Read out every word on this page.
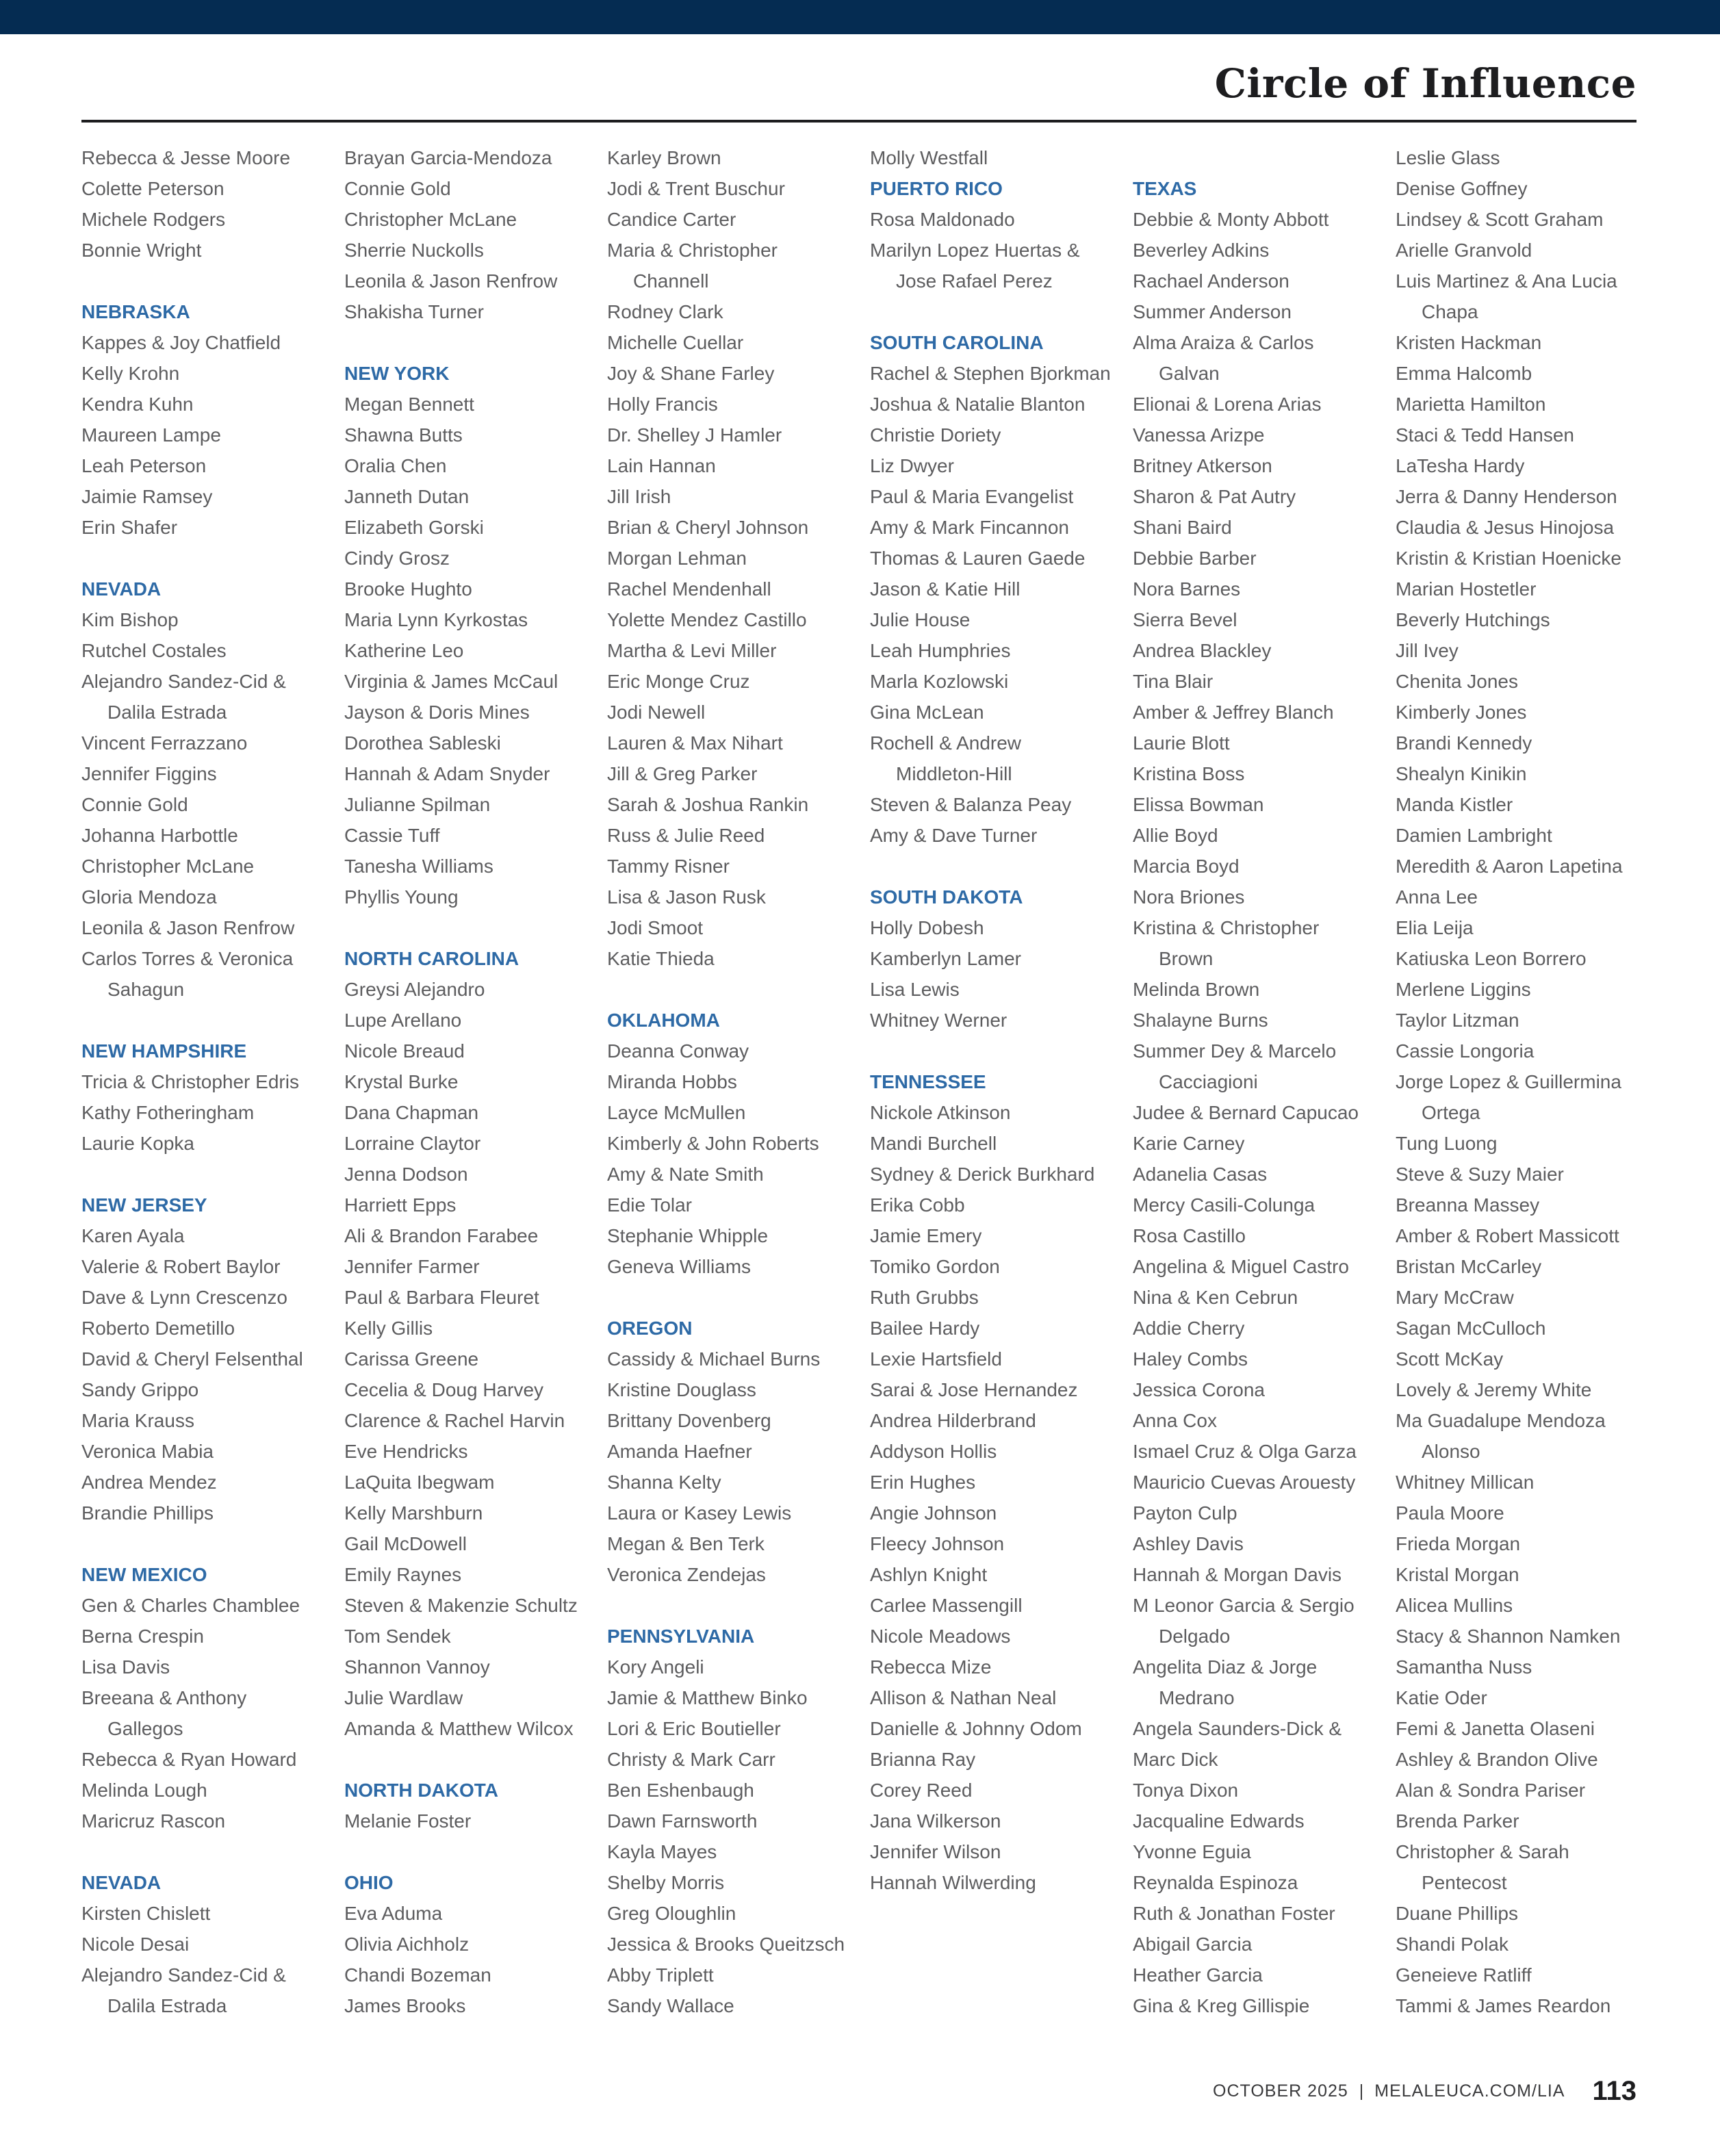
Circle of Influence

Rebecca & Jesse Moore

Colette Peterson

Michele Rodgers

Bonnie Wright

NEBRASKA

Kappes & Joy Chatfield

Kelly Krohn

Kendra Kuhn

Maureen Lampe

Leah Peterson

Jaimie Ramsey

Erin Shafer

NEVADA

Kim Bishop

Rutchel Costales

Alejandro Sandez-Cid &

Dalila Estrada

Vincent Ferrazzano

Jennifer Figgins

Connie Gold

Johanna Harbottle

Christopher McLane

Gloria Mendoza

Leonila & Jason Renfrow

Carlos Torres & Veronica

Sahagun

NEW HAMPSHIRE

Tricia & Christopher Edris

Kathy Fotheringham

Laurie Kopka

NEW JERSEY

Karen Ayala

Valerie & Robert Baylor

Dave & Lynn Crescenzo

Roberto Demetillo

David & Cheryl Felsenthal

Sandy Grippo

Maria Krauss

Veronica Mabia

Andrea Mendez

Brandie Phillips

NEW MEXICO

Gen & Charles Chamblee

Berna Crespin

Lisa Davis

Breeana & Anthony

Gallegos

Rebecca & Ryan Howard

Melinda Lough

Maricruz Rascon

NEVADA

Kirsten Chislett

Nicole Desai

Alejandro Sandez-Cid &

Dalila Estrada

Brayan Garcia-Mendoza

Connie Gold

Christopher McLane

Sherrie Nuckolls

Leonila & Jason Renfrow

Shakisha Turner

NEW YORK

Megan Bennett

Shawna Butts

Oralia Chen

Janneth Dutan

Elizabeth Gorski

Cindy Grosz

Brooke Hughto

Maria Lynn Kyrkostas

Katherine Leo

Virginia & James McCaul

Jayson & Doris Mines

Dorothea Sableski

Hannah & Adam Snyder

Julianne Spilman

Cassie Tuff

Tanesha Williams

Phyllis Young

NORTH CAROLINA

Greysi Alejandro

Lupe Arellano

Nicole Breaud

Krystal Burke

Dana Chapman

Lorraine Claytor

Jenna Dodson

Harriett Epps

Ali & Brandon Farabee

Jennifer Farmer

Paul & Barbara Fleuret

Kelly Gillis

Carissa Greene

Cecelia & Doug Harvey

Clarence & Rachel Harvin

Eve Hendricks

LaQuita Ibegwam

Kelly Marshburn

Gail McDowell

Emily Raynes

Steven & Makenzie Schultz

Tom Sendek

Shannon Vannoy

Julie Wardlaw

Amanda & Matthew Wilcox

NORTH DAKOTA

Melanie Foster

OHIO

Eva Aduma

Olivia Aichholz

Chandi Bozeman

James Brooks

Karley Brown

Jodi & Trent Buschur

Candice Carter

Maria & Christopher

Channell

Rodney Clark

Michelle Cuellar

Joy & Shane Farley

Holly Francis

Dr. Shelley J Hamler

Lain Hannan

Jill Irish

Brian & Cheryl Johnson

Morgan Lehman

Rachel Mendenhall

Yolette Mendez Castillo

Martha & Levi Miller

Eric Monge Cruz

Jodi Newell

Lauren & Max Nihart

Jill & Greg Parker

Sarah & Joshua Rankin

Russ & Julie Reed

Tammy Risner

Lisa & Jason Rusk

Jodi Smoot

Katie Thieda

OKLAHOMA

Deanna Conway

Miranda Hobbs

Layce McMullen

Kimberly & John Roberts

Amy & Nate Smith

Edie Tolar

Stephanie Whipple

Geneva Williams

OREGON

Cassidy & Michael Burns

Kristine Douglass

Brittany Dovenberg

Amanda Haefner

Shanna Kelty

Laura or Kasey Lewis

Megan & Ben Terk

Veronica Zendejas

PENNSYLVANIA

Kory Angeli

Jamie & Matthew Binko

Lori & Eric Boutieller

Christy & Mark Carr

Ben Eshenbaugh

Dawn Farnsworth

Kayla Mayes

Shelby Morris

Greg Oloughlin

Jessica & Brooks Queitzsch

Abby Triplett

Sandy Wallace

Molly Westfall

PUERTO RICO

Rosa Maldonado

Marilyn Lopez Huertas &

Jose Rafael Perez

SOUTH CAROLINA

Rachel & Stephen Bjorkman

Joshua & Natalie Blanton

Christie Doriety

Liz Dwyer

Paul & Maria Evangelist

Amy & Mark Fincannon

Thomas & Lauren Gaede

Jason & Katie Hill

Julie House

Leah Humphries

Marla Kozlowski

Gina McLean

Rochell & Andrew

Middleton-Hill

Steven & Balanza Peay

Amy & Dave Turner

SOUTH DAKOTA

Holly Dobesh

Kamberlyn Lamer

Lisa Lewis

Whitney Werner

TENNESSEE

Nickole Atkinson

Mandi Burchell

Sydney & Derick Burkhard

Erika Cobb

Jamie Emery

Tomiko Gordon

Ruth Grubbs

Bailee Hardy

Lexie Hartsfield

Sarai & Jose Hernandez

Andrea Hilderbrand

Addyson Hollis

Erin Hughes

Angie Johnson

Fleecy Johnson

Ashlyn Knight

Carlee Massengill

Nicole Meadows

Rebecca Mize

Allison & Nathan Neal

Danielle & Johnny Odom

Brianna Ray

Corey Reed

Jana Wilkerson

Jennifer Wilson

Hannah Wilwerding

TEXAS

Debbie & Monty Abbott

Beverley Adkins

Rachael Anderson

Summer Anderson

Alma Araiza & Carlos

Galvan

Elionai & Lorena Arias

Vanessa Arizpe

Britney Atkerson

Sharon & Pat Autry

Shani Baird

Debbie Barber

Nora Barnes

Sierra Bevel

Andrea Blackley

Tina Blair

Amber & Jeffrey Blanch

Laurie Blott

Kristina Boss

Elissa Bowman

Allie Boyd

Marcia Boyd

Nora Briones

Kristina & Christopher

Brown

Melinda Brown

Shalayne Burns

Summer Dey & Marcelo

Cacciagioni

Judee & Bernard Capucao

Karie Carney

Adanelia Casas

Mercy Casili-Colunga

Rosa Castillo

Angelina & Miguel Castro

Nina & Ken Cebrun

Addie Cherry

Haley Combs

Jessica Corona

Anna Cox

Ismael Cruz & Olga Garza

Mauricio Cuevas Arouesty

Payton Culp

Ashley Davis

Hannah & Morgan Davis

M Leonor Garcia & Sergio

Delgado

Angelita Diaz & Jorge

Medrano

Angela Saunders-Dick &

Marc Dick

Tonya Dixon

Jacqualine Edwards

Yvonne Eguia

Reynalda Espinoza

Ruth & Jonathan Foster

Abigail Garcia

Heather Garcia

Gina & Kreg Gillispie

Leslie Glass

Denise Goffney

Lindsey & Scott Graham

Arielle Granvold

Luis Martinez & Ana Lucia

Chapa

Kristen Hackman

Emma Halcomb

Marietta Hamilton

Staci & Tedd Hansen

LaTesha Hardy

Jerra & Danny Henderson

Claudia & Jesus Hinojosa

Kristin & Kristian Hoenicke

Marian Hostetler

Beverly Hutchings

Jill Ivey

Chenita Jones

Kimberly Jones

Brandi Kennedy

Shealyn Kinikin

Manda Kistler

Damien Lambright

Meredith & Aaron Lapetina

Anna Lee

Elia Leija

Katiuska Leon Borrero

Merlene Liggins

Taylor Litzman

Cassie Longoria

Jorge Lopez & Guillermina

Ortega

Tung Luong

Steve & Suzy Maier

Breanna Massey

Amber & Robert Massicott

Bristan McCarley

Mary McCraw

Sagan McCulloch

Scott McKay

Lovely & Jeremy White

Ma Guadalupe Mendoza

Alonso

Whitney Millican

Paula Moore

Frieda Morgan

Kristal Morgan

Alicea Mullins

Stacy & Shannon Namken

Samantha Nuss

Katie Oder

Femi & Janetta Olaseni

Ashley & Brandon Olive

Alan & Sondra Pariser

Brenda Parker

Christopher & Sarah

Pentecost

Duane Phillips

Shandi Polak

Geneieve Ratliff

Tammi & James Reardon

OCTOBER 2025 | MELALEUCA.COM/LIA 113
